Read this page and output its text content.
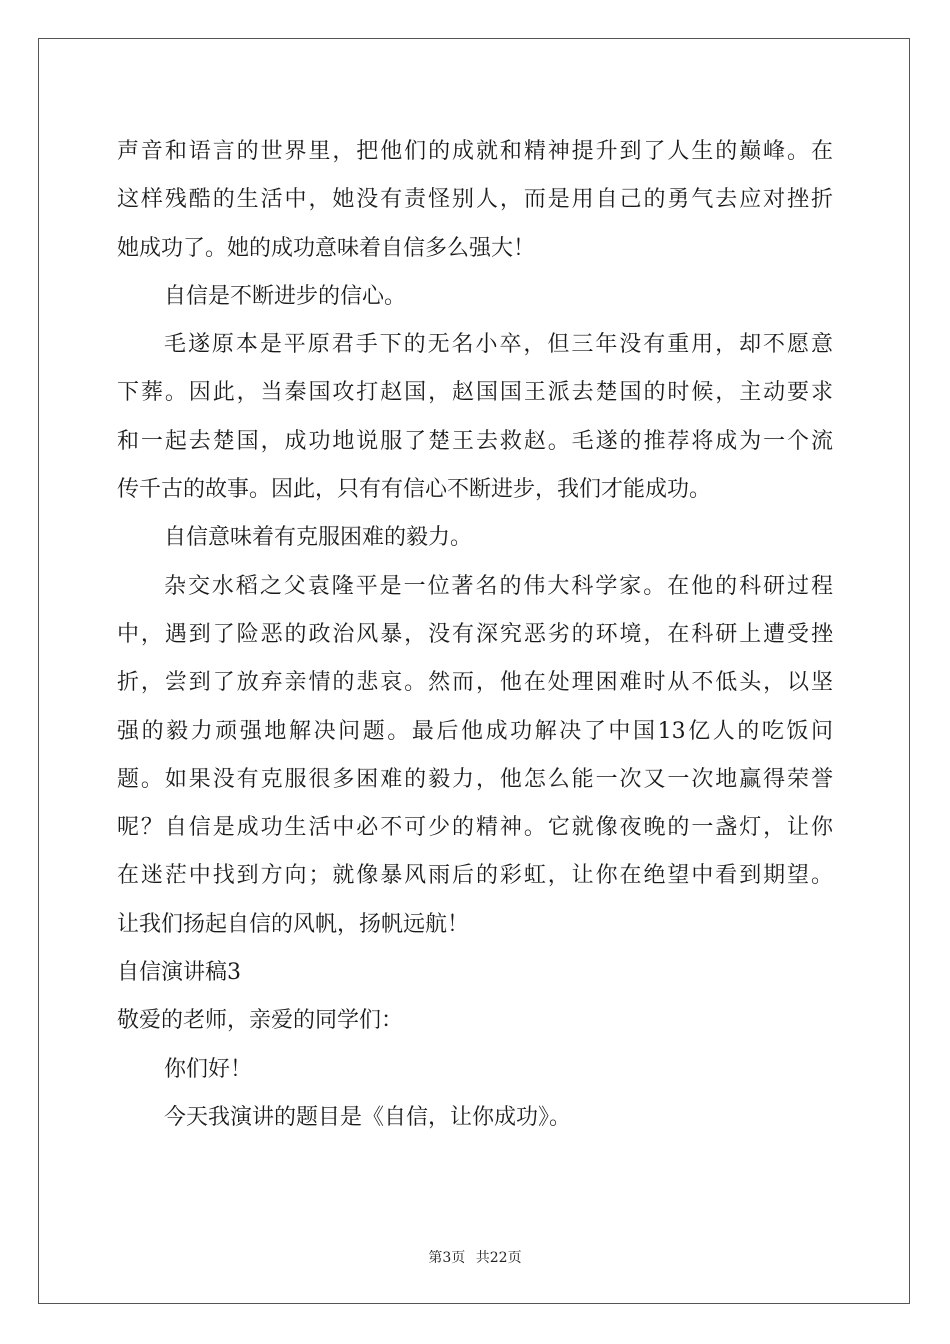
声音和语言的世界里，把他们的成就和精神提升到了人生的巅峰。在
这样残酷的生活中，她没有责怪别人，而是用自己的勇气去应对挫折
她成功了。她的成功意味着自信多么强大！
自信是不断进步的信心。
毛遂原本是平原君手下的无名小卒，但三年没有重用，却不愿意
下葬。因此，当秦国攻打赵国，赵国国王派去楚国的时候，主动要求
和一起去楚国，成功地说服了楚王去救赵。毛遂的推荐将成为一个流
传千古的故事。因此，只有有信心不断进步，我们才能成功。
自信意味着有克服困难的毅力。
杂交水稻之父袁隆平是一位著名的伟大科学家。在他的科研过程
中，遇到了险恶的政治风暴，没有深究恶劣的环境，在科研上遭受挫
折，尝到了放弃亲情的悲哀。然而，他在处理困难时从不低头，以坚
强的毅力顽强地解决问题。最后他成功解决了中国13亿人的吃饭问
题。如果没有克服很多困难的毅力，他怎么能一次又一次地赢得荣誉
呢？自信是成功生活中必不可少的精神。它就像夜晚的一盏灯，让你
在迷茫中找到方向；就像暴风雨后的彩虹，让你在绝望中看到期望。
让我们扬起自信的风帆，扬帆远航！
自信演讲稿3
敬爱的老师，亲爱的同学们：
你们好！
今天我演讲的题目是《自信，让你成功》。
第3页 共22页
